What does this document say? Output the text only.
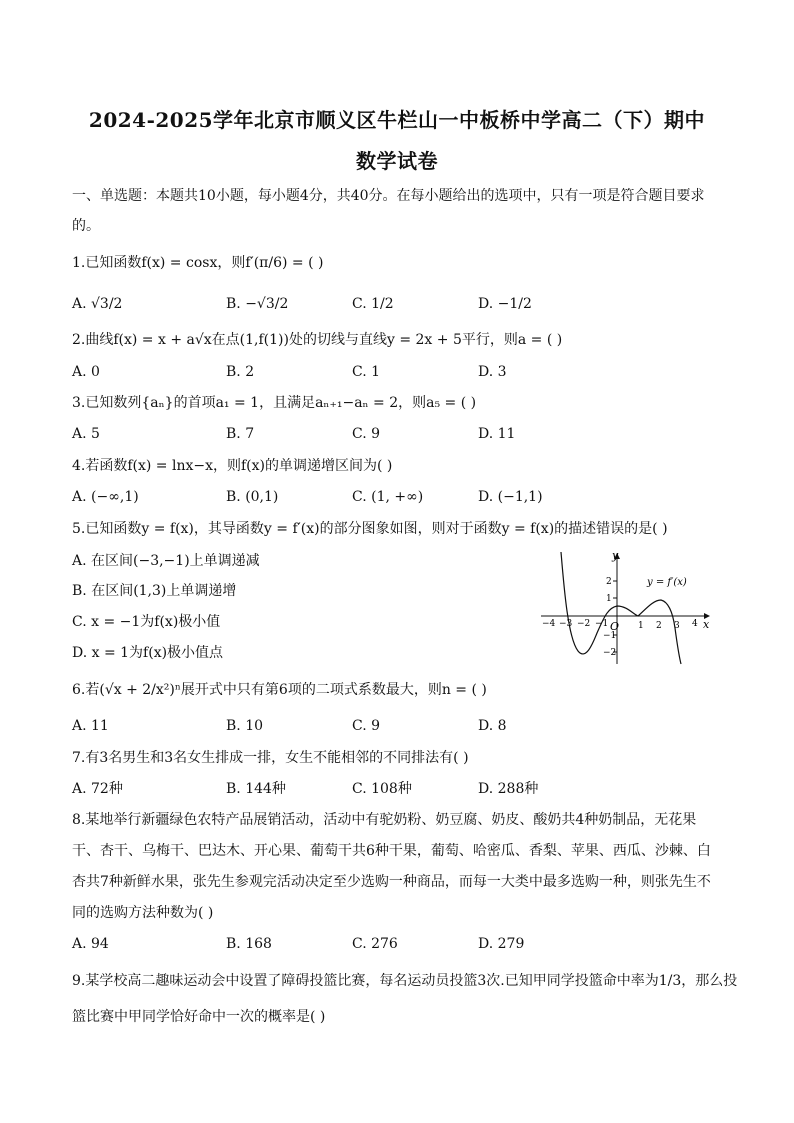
2024-2025学年北京市顺义区牛栏山一中板桥中学高二（下）期中
数学试卷
一、单选题：本题共10小题，每小题4分，共40分。在每小题给出的选项中，只有一项是符合题目要求
的。
1.已知函数f(x) = cosx，则f′(π/6) = ( )
A. √3/2	B. −√3/2	C. 1/2	D. −1/2
2.曲线f(x) = x + a√x在点(1,f(1))处的切线与直线y = 2x + 5平行，则a = ( )
A. 0	B. 2	C. 1	D. 3
3.已知数列{aₙ}的首项a₁ = 1，且满足aₙ₊₁−aₙ = 2，则a₅ = ( )
A. 5	B. 7	C. 9	D. 11
4.若函数f(x) = lnx−x，则f(x)的单调递增区间为( )
A. (−∞,1)	B. (0,1)	C. (1, +∞)	D. (−1,1)
5.已知函数y = f(x)，其导函数y = f′(x)的部分图象如图，则对于函数y = f(x)的描述错误的是( )
A. 在区间(−3,−1)上单调递减
B. 在区间(1,3)上单调递增
C. x = −1为f(x)极小值
D. x = 1为f(x)极小值点
y
x
O
y = f′(x)
−4 −3 −2 −1	1 2 3 4
2
1
−1
−2
6.若(√x + 2/x²)ⁿ展开式中只有第6项的二项式系数最大，则n = ( )
A. 11	B. 10	C. 9	D. 8
7.有3名男生和3名女生排成一排，女生不能相邻的不同排法有( )
A. 72种	B. 144种	C. 108种	D. 288种
8.某地举行新疆绿色农特产品展销活动，活动中有驼奶粉、奶豆腐、奶皮、酸奶共4种奶制品，无花果
干、杏干、乌梅干、巴达木、开心果、葡萄干共6种干果，葡萄、哈密瓜、香梨、苹果、西瓜、沙棘、白
杏共7种新鲜水果，张先生参观完活动决定至少选购一种商品，而每一大类中最多选购一种，则张先生不
同的选购方法种数为( )
A. 94	B. 168	C. 276	D. 279
9.某学校高二趣味运动会中设置了障碍投篮比赛，每名运动员投篮3次.已知甲同学投篮命中率为1/3，那么投
篮比赛中甲同学恰好命中一次的概率是( )
